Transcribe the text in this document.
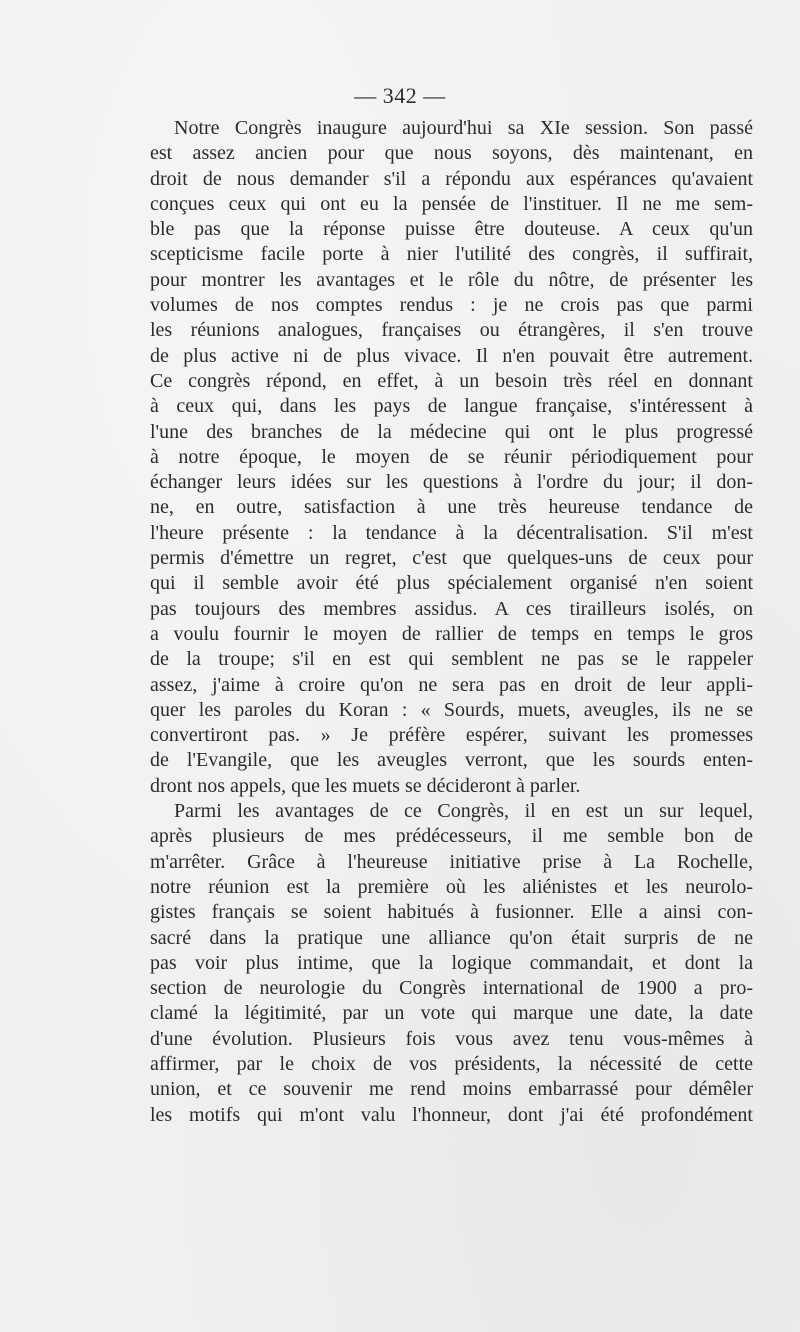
— 342 —
Notre Congrès inaugure aujourd'hui sa XIe session. Son passé
est assez ancien pour que nous soyons, dès maintenant, en
droit de nous demander s'il a répondu aux espérances qu'avaient
conçues ceux qui ont eu la pensée de l'instituer. Il ne me sem-
ble pas que la réponse puisse être douteuse. A ceux qu'un
scepticisme facile porte à nier l'utilité des congrès, il suffirait,
pour montrer les avantages et le rôle du nôtre, de présenter les
volumes de nos comptes rendus : je ne crois pas que parmi
les réunions analogues, françaises ou étrangères, il s'en trouve
de plus active ni de plus vivace. Il n'en pouvait être autrement.
Ce congrès répond, en effet, à un besoin très réel en donnant
à ceux qui, dans les pays de langue française, s'intéressent à
l'une des branches de la médecine qui ont le plus progressé
à notre époque, le moyen de se réunir périodiquement pour
échanger leurs idées sur les questions à l'ordre du jour; il don-
ne, en outre, satisfaction à une très heureuse tendance de
l'heure présente : la tendance à la décentralisation. S'il m'est
permis d'émettre un regret, c'est que quelques-uns de ceux pour
qui il semble avoir été plus spécialement organisé n'en soient
pas toujours des membres assidus. A ces tirailleurs isolés, on
a voulu fournir le moyen de rallier de temps en temps le gros
de la troupe; s'il en est qui semblent ne pas se le rappeler
assez, j'aime à croire qu'on ne sera pas en droit de leur appli-
quer les paroles du Koran : « Sourds, muets, aveugles, ils ne se
convertiront pas. » Je préfère espérer, suivant les promesses
de l'Evangile, que les aveugles verront, que les sourds enten-
dront nos appels, que les muets se décideront à parler.
Parmi les avantages de ce Congrès, il en est un sur lequel,
après plusieurs de mes prédécesseurs, il me semble bon de
m'arrêter. Grâce à l'heureuse initiative prise à La Rochelle,
notre réunion est la première où les aliénistes et les neurolo-
gistes français se soient habitués à fusionner. Elle a ainsi con-
sacré dans la pratique une alliance qu'on était surpris de ne
pas voir plus intime, que la logique commandait, et dont la
section de neurologie du Congrès international de 1900 a pro-
clamé la légitimité, par un vote qui marque une date, la date
d'une évolution. Plusieurs fois vous avez tenu vous-mêmes à
affirmer, par le choix de vos présidents, la nécessité de cette
union, et ce souvenir me rend moins embarrassé pour démêler
les motifs qui m'ont valu l'honneur, dont j'ai été profondément
